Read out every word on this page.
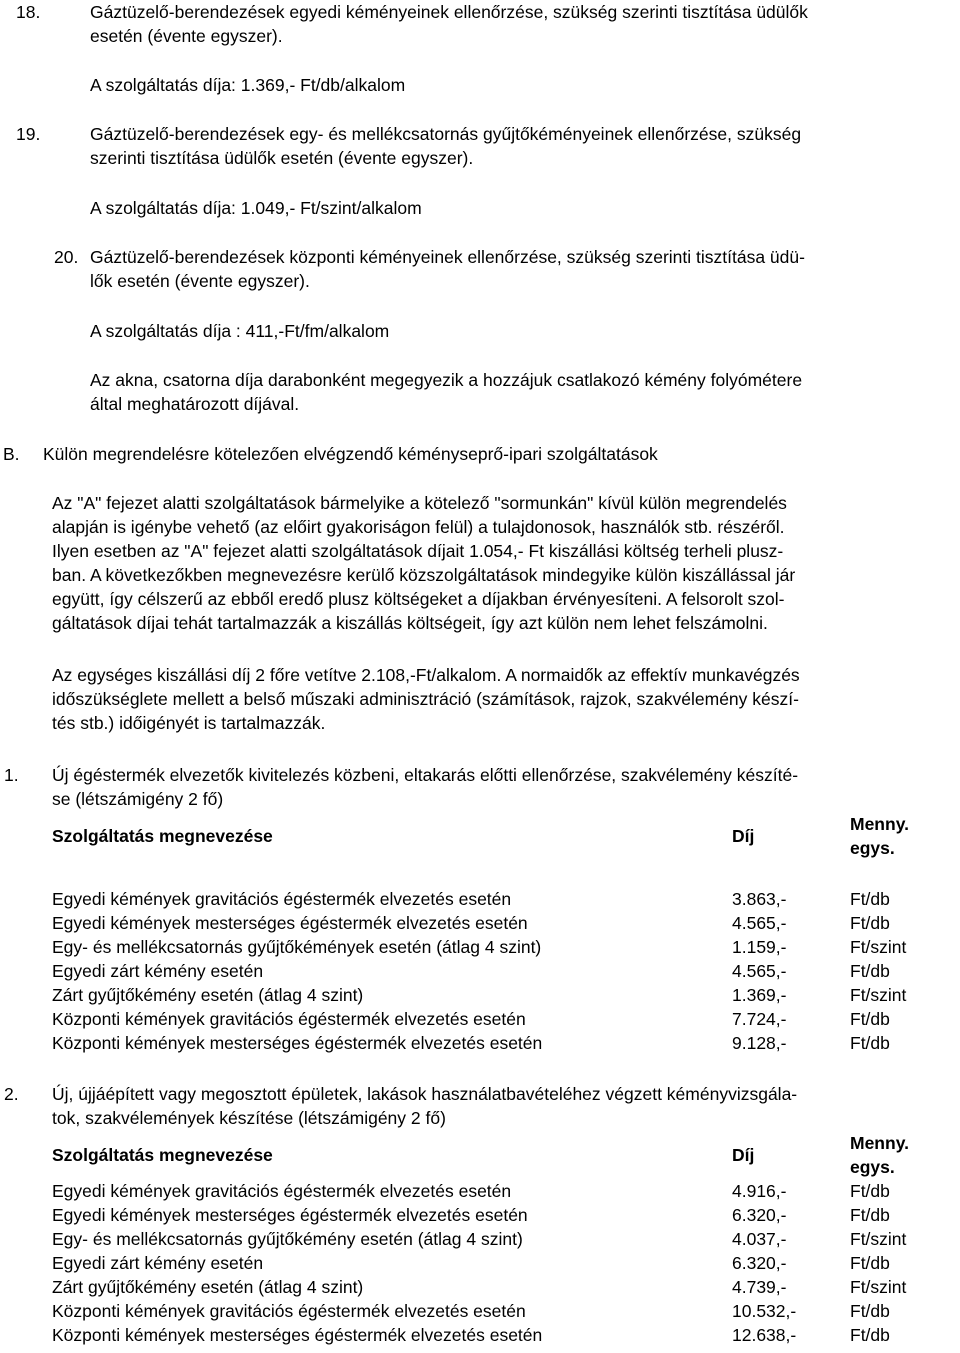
18.	Gáztüzelő-berendezések egyedi kéményeinek ellenőrzése, szükség szerinti tisztítása üdülők
esetén (évente egyszer).
A szolgáltatás díja: 1.369,- Ft/db/alkalom
19.	Gáztüzelő-berendezések egy- és mellékcsatornás gyűjtőkéményeinek ellenőrzése, szükség
szerinti tisztítása üdülők esetén (évente egyszer).
A szolgáltatás díja: 1.049,- Ft/szint/alkalom
20. Gáztüzelő-berendezések központi kéményeinek ellenőrzése, szükség szerinti tisztítása üdü-
lők esetén (évente egyszer).
A szolgáltatás díja : 411,-Ft/fm/alkalom
Az akna, csatorna díja darabonként megegyezik a hozzájuk csatlakozó kémény folyómétere
által meghatározott díjával.
B. Külön megrendelésre kötelezően elvégzendő kéményseprő-ipari szolgáltatások
Az "A" fejezet alatti szolgáltatások bármelyike a kötelező "sormunkán" kívül külön megrendelés
alapján is igénybe vehető (az előirt gyakoriságon felül) a tulajdonosok, használók stb. részéről.
Ilyen esetben az "A" fejezet alatti szolgáltatások díjait 1.054,- Ft kiszállási költség terheli plusz-
ban. A következőkben megnevezésre kerülő közszolgáltatások mindegyike külön kiszállással jár
együtt, így célszerű az ebből eredő plusz költségeket a díjakban érvényesíteni. A felsorolt szol-
gáltatások díjai tehát tartalmazzák a kiszállás költségeit, így azt külön nem lehet felszámolni.
Az egységes kiszállási díj 2 főre vetítve 2.108,-Ft/alkalom. A normaidők az effektív munkavégzés
időszükséglete mellett a belső műszaki adminisztráció (számítások, rajzok, szakvélemény készí-
tés stb.) időigényét is tartalmazzák.
1. Új égéstermék elvezetők kivitelezés közbeni, eltakarás előtti ellenőrzése, szakvélemény készíté-
se (létszámigény 2 fő)
Szolgáltatás megnevezése	Díj	Menny.
egys.

Egyedi kémények gravitációs égéstermék elvezetés esetén	3.863,-	Ft/db
Egyedi kémények mesterséges égéstermék elvezetés esetén	4.565,-	Ft/db
Egy- és mellékcsatornás gyűjtőkémények esetén (átlag 4 szint)	1.159,-	Ft/szint
Egyedi zárt kémény esetén	4.565,-	Ft/db
Zárt gyűjtőkémény esetén (átlag 4 szint)	1.369,-	Ft/szint
Központi kémények gravitációs égéstermék elvezetés esetén	7.724,-	Ft/db
Központi kémények mesterséges égéstermék elvezetés esetén	9.128,-	Ft/db
2. Új, újjáépített vagy megosztott épületek, lakások használatbavételéhez végzett kéményvizsgála-
tok, szakvélemények készítése (létszámigény 2 fő)
Szolgáltatás megnevezése	Díj	Menny.
egys.

Egyedi kémények gravitációs égéstermék elvezetés esetén	4.916,-	Ft/db
Egyedi kémények mesterséges égéstermék elvezetés esetén	6.320,-	Ft/db
Egy- és mellékcsatornás gyűjtőkémény esetén (átlag 4 szint)	4.037,-	Ft/szint
Egyedi zárt kémény esetén	6.320,-	Ft/db
Zárt gyűjtőkémény esetén (átlag 4 szint)	4.739,-	Ft/szint
Központi kémények gravitációs égéstermék elvezetés esetén	10.532,-	Ft/db
Központi kémények mesterséges égéstermék elvezetés esetén	12.638,-	Ft/db
